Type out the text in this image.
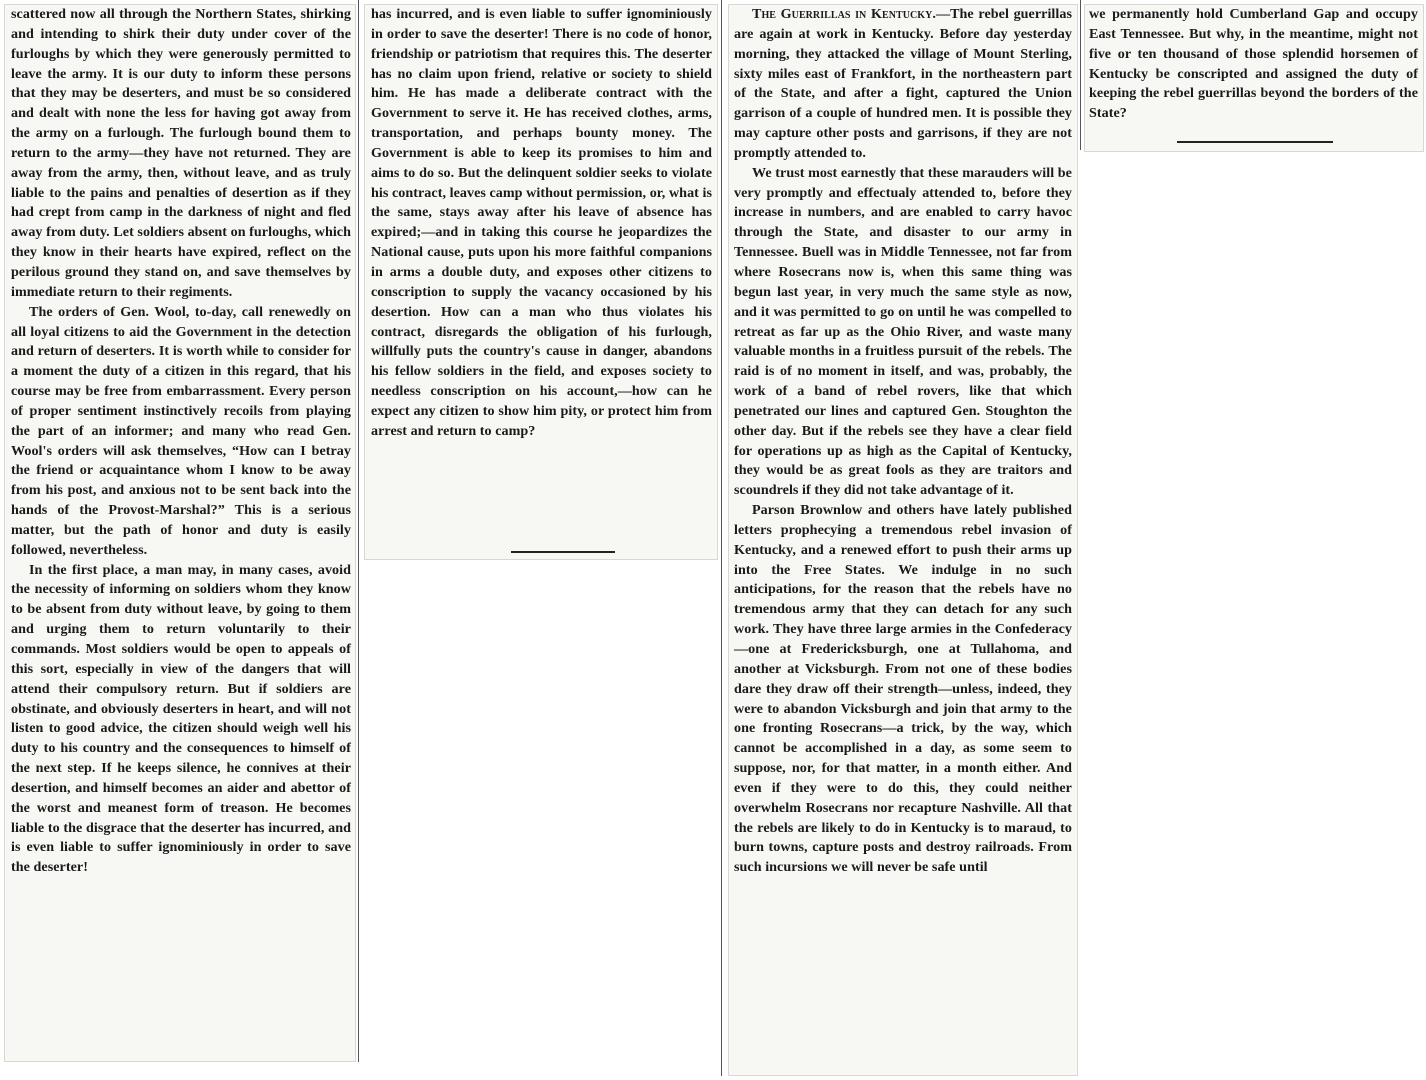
scattered now all through the Northern States, shirking and intending to shirk their duty under cover of the furloughs by which they were generously permitted to leave the army. It is our duty to inform these persons that they may be deserters, and must be so considered and dealt with none the less for having got away from the army on a furlough. The furlough bound them to return to the army—they have not returned. They are away from the army, then, without leave, and as truly liable to the pains and penalties of desertion as if they had crept from camp in the darkness of night and fled away from duty. Let soldiers absent on furloughs, which they know in their hearts have expired, reflect on the perilous ground they stand on, and save themselves by immediate return to their regiments.

The orders of Gen. Wool, to-day, call renewedly on all loyal citizens to aid the Government in the detection and return of deserters. It is worth while to consider for a moment the duty of a citizen in this regard, that his course may be free from embarrassment. Every person of proper sentiment instinctively recoils from playing the part of an informer; and many who read Gen. Wool's orders will ask themselves, “How can I betray the friend or acquaintance whom I know to be away from his post, and anxious not to be sent back into the hands of the Provost-Marshal?” This is a serious matter, but the path of honor and duty is easily followed, nevertheless.

In the first place, a man may, in many cases, avoid the necessity of informing on soldiers whom they know to be absent from duty without leave, by going to them and urging them to return voluntarily to their commands. Most soldiers would be open to appeals of this sort, especially in view of the dangers that will attend their compulsory return. But if soldiers are obstinate, and obviously deserters in heart, and will not listen to good advice, the citizen should weigh well his duty to his country and the consequences to himself of the next step. If he keeps silence, he connives at their desertion, and himself becomes an aider and abettor of the worst and meanest form of treason. He becomes liable to the disgrace that the deserter has incurred, and is even liable to suffer ignominiously in order to save the deserter!

has incurred, and is even liable to suffer ignominiously in order to save the deserter! There is no code of honor, friendship or patriotism that requires this. The deserter has no claim upon friend, relative or society to shield him. He has made a deliberate contract with the Government to serve it. He has received clothes, arms, transportation, and perhaps bounty money. The Government is able to keep its promises to him and aims to do so. But the delinquent soldier seeks to violate his contract, leaves camp without permission, or, what is the same, stays away after his leave of absence has expired;—and in taking this course he jeopardizes the National cause, puts upon his more faithful companions in arms a double duty, and exposes other citizens to conscription to supply the vacancy occasioned by his desertion. How can a man who thus violates his contract, disregards the obligation of his furlough, willfully puts the country's cause in danger, abandons his fellow soldiers in the field, and exposes society to needless conscription on his account,—how can he expect any citizen to show him pity, or protect him from arrest and return to camp?

The Guerrillas in Kentucky.—The rebel guerrillas are again at work in Kentucky. Before day yesterday morning, they attacked the village of Mount Sterling, sixty miles east of Frankfort, in the northeastern part of the State, and after a fight, captured the Union garrison of a couple of hundred men. It is possible they may capture other posts and garrisons, if they are not promptly attended to.

We trust most earnestly that these marauders will be very promptly and effectualy attended to, before they increase in numbers, and are enabled to carry havoc through the State, and disaster to our army in Tennessee. Buell was in Middle Tennessee, not far from where Rosecrans now is, when this same thing was begun last year, in very much the same style as now, and it was permitted to go on until he was compelled to retreat as far up as the Ohio River, and waste many valuable months in a fruitless pursuit of the rebels. The raid is of no moment in itself, and was, probably, the work of a band of rebel rovers, like that which penetrated our lines and captured Gen. Stoughton the other day. But if the rebels see they have a clear field for operations up as high as the Capital of Kentucky, they would be as great fools as they are traitors and scoundrels if they did not take advantage of it.

Parson Brownlow and others have lately published letters prophecying a tremendous rebel invasion of Kentucky, and a renewed effort to push their arms up into the Free States. We indulge in no such anticipations, for the reason that the rebels have no tremendous army that they can detach for any such work. They have three large armies in the Confederacy—one at Fredericksburgh, one at Tullahoma, and another at Vicksburgh. From not one of these bodies dare they draw off their strength—unless, indeed, they were to abandon Vicksburgh and join that army to the one fronting Rosecrans—a trick, by the way, which cannot be accomplished in a day, as some seem to suppose, nor, for that matter, in a month either. And even if they were to do this, they could neither overwhelm Rosecrans nor recapture Nashville. All that the rebels are likely to do in Kentucky is to maraud, to burn towns, capture posts and destroy railroads. From such incursions we will never be safe until

we permanently hold Cumberland Gap and occupy East Tennessee. But why, in the meantime, might not five or ten thousand of those splendid horsemen of Kentucky be conscripted and assigned the duty of keeping the rebel guerrillas beyond the borders of the State?
